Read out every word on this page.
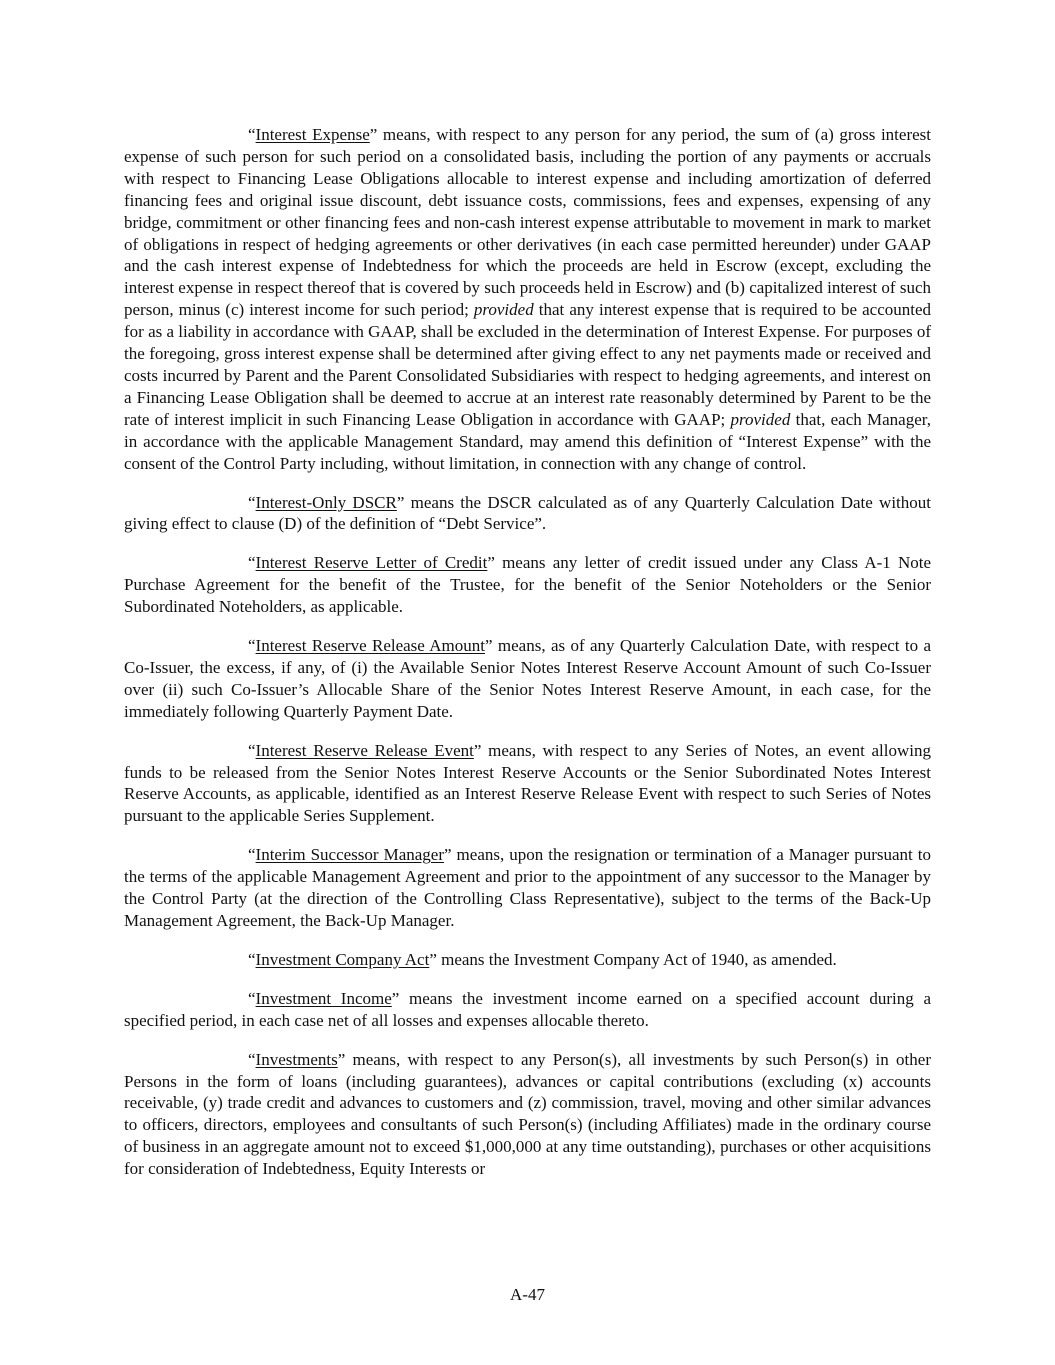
“Interest Expense” means, with respect to any person for any period, the sum of (a) gross interest expense of such person for such period on a consolidated basis, including the portion of any payments or accruals with respect to Financing Lease Obligations allocable to interest expense and including amortization of deferred financing fees and original issue discount, debt issuance costs, commissions, fees and expenses, expensing of any bridge, commitment or other financing fees and non-cash interest expense attributable to movement in mark to market of obligations in respect of hedging agreements or other derivatives (in each case permitted hereunder) under GAAP and the cash interest expense of Indebtedness for which the proceeds are held in Escrow (except, excluding the interest expense in respect thereof that is covered by such proceeds held in Escrow) and (b) capitalized interest of such person, minus (c) interest income for such period; provided that any interest expense that is required to be accounted for as a liability in accordance with GAAP, shall be excluded in the determination of Interest Expense. For purposes of the foregoing, gross interest expense shall be determined after giving effect to any net payments made or received and costs incurred by Parent and the Parent Consolidated Subsidiaries with respect to hedging agreements, and interest on a Financing Lease Obligation shall be deemed to accrue at an interest rate reasonably determined by Parent to be the rate of interest implicit in such Financing Lease Obligation in accordance with GAAP; provided that, each Manager, in accordance with the applicable Management Standard, may amend this definition of “Interest Expense” with the consent of the Control Party including, without limitation, in connection with any change of control.

“Interest-Only DSCR” means the DSCR calculated as of any Quarterly Calculation Date without giving effect to clause (D) of the definition of “Debt Service”.

“Interest Reserve Letter of Credit” means any letter of credit issued under any Class A-1 Note Purchase Agreement for the benefit of the Trustee, for the benefit of the Senior Noteholders or the Senior Subordinated Noteholders, as applicable.

“Interest Reserve Release Amount” means, as of any Quarterly Calculation Date, with respect to a Co-Issuer, the excess, if any, of (i) the Available Senior Notes Interest Reserve Account Amount of such Co-Issuer over (ii) such Co-Issuer’s Allocable Share of the Senior Notes Interest Reserve Amount, in each case, for the immediately following Quarterly Payment Date.

“Interest Reserve Release Event” means, with respect to any Series of Notes, an event allowing funds to be released from the Senior Notes Interest Reserve Accounts or the Senior Subordinated Notes Interest Reserve Accounts, as applicable, identified as an Interest Reserve Release Event with respect to such Series of Notes pursuant to the applicable Series Supplement.

“Interim Successor Manager” means, upon the resignation or termination of a Manager pursuant to the terms of the applicable Management Agreement and prior to the appointment of any successor to the Manager by the Control Party (at the direction of the Controlling Class Representative), subject to the terms of the Back-Up Management Agreement, the Back-Up Manager.

“Investment Company Act” means the Investment Company Act of 1940, as amended.

“Investment Income” means the investment income earned on a specified account during a specified period, in each case net of all losses and expenses allocable thereto.

“Investments” means, with respect to any Person(s), all investments by such Person(s) in other Persons in the form of loans (including guarantees), advances or capital contributions (excluding (x) accounts receivable, (y) trade credit and advances to customers and (z) commission, travel, moving and other similar advances to officers, directors, employees and consultants of such Person(s) (including Affiliates) made in the ordinary course of business in an aggregate amount not to exceed $1,000,000 at any time outstanding), purchases or other acquisitions for consideration of Indebtedness, Equity Interests or

A-47
